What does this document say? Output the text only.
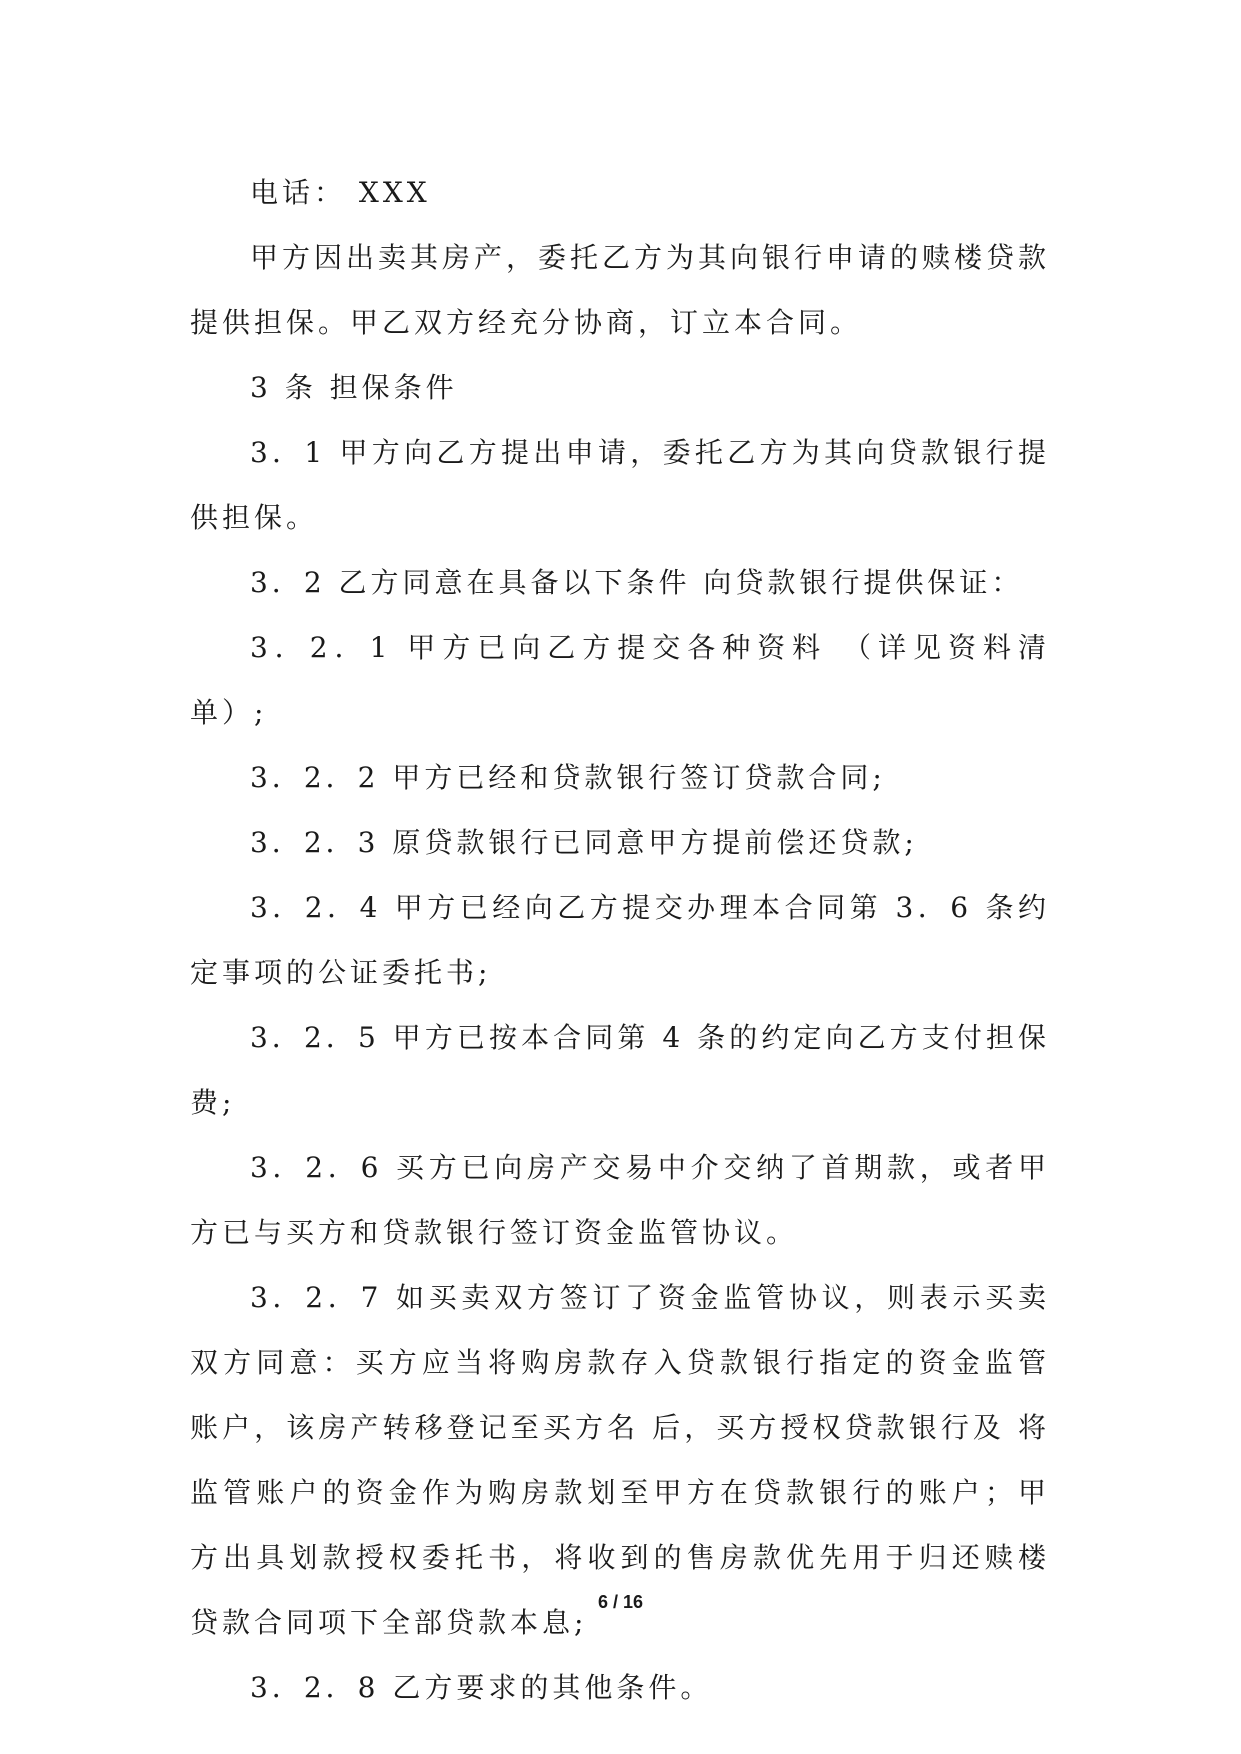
电话： XXX

甲方因出卖其房产，委托乙方为其向银行申请的赎楼贷款提供担保。甲乙双方经充分协商，订立本合同。

3 条 担保条件

3．1 甲方向乙方提出申请，委托乙方为其向贷款银行提供担保。

3．2 乙方同意在具备以下条件 向贷款银行提供保证：

3．2．1 甲方已向乙方提交各种资料 （详见资料清单）;

3．2．2 甲方已经和贷款银行签订贷款合同;

3．2．3 原贷款银行已同意甲方提前偿还贷款;

3．2．4 甲方已经向乙方提交办理本合同第 3．6 条约定事项的公证委托书;

3．2．5 甲方已按本合同第 4 条的约定向乙方支付担保费;

3．2．6 买方已向房产交易中介交纳了首期款，或者甲方已与买方和贷款银行签订资金监管协议。

3．2．7 如买卖双方签订了资金监管协议，则表示买卖双方同意：买方应当将购房款存入贷款银行指定的资金监管账户，该房产转移登记至买方名 后，买方授权贷款银行及 将监管账户的资金作为购房款划至甲方在贷款银行的账户；甲方出具划款授权委托书，将收到的售房款优先用于归还赎楼贷款合同项下全部贷款本息;

3．2．8 乙方要求的其他条件。

6 / 16
